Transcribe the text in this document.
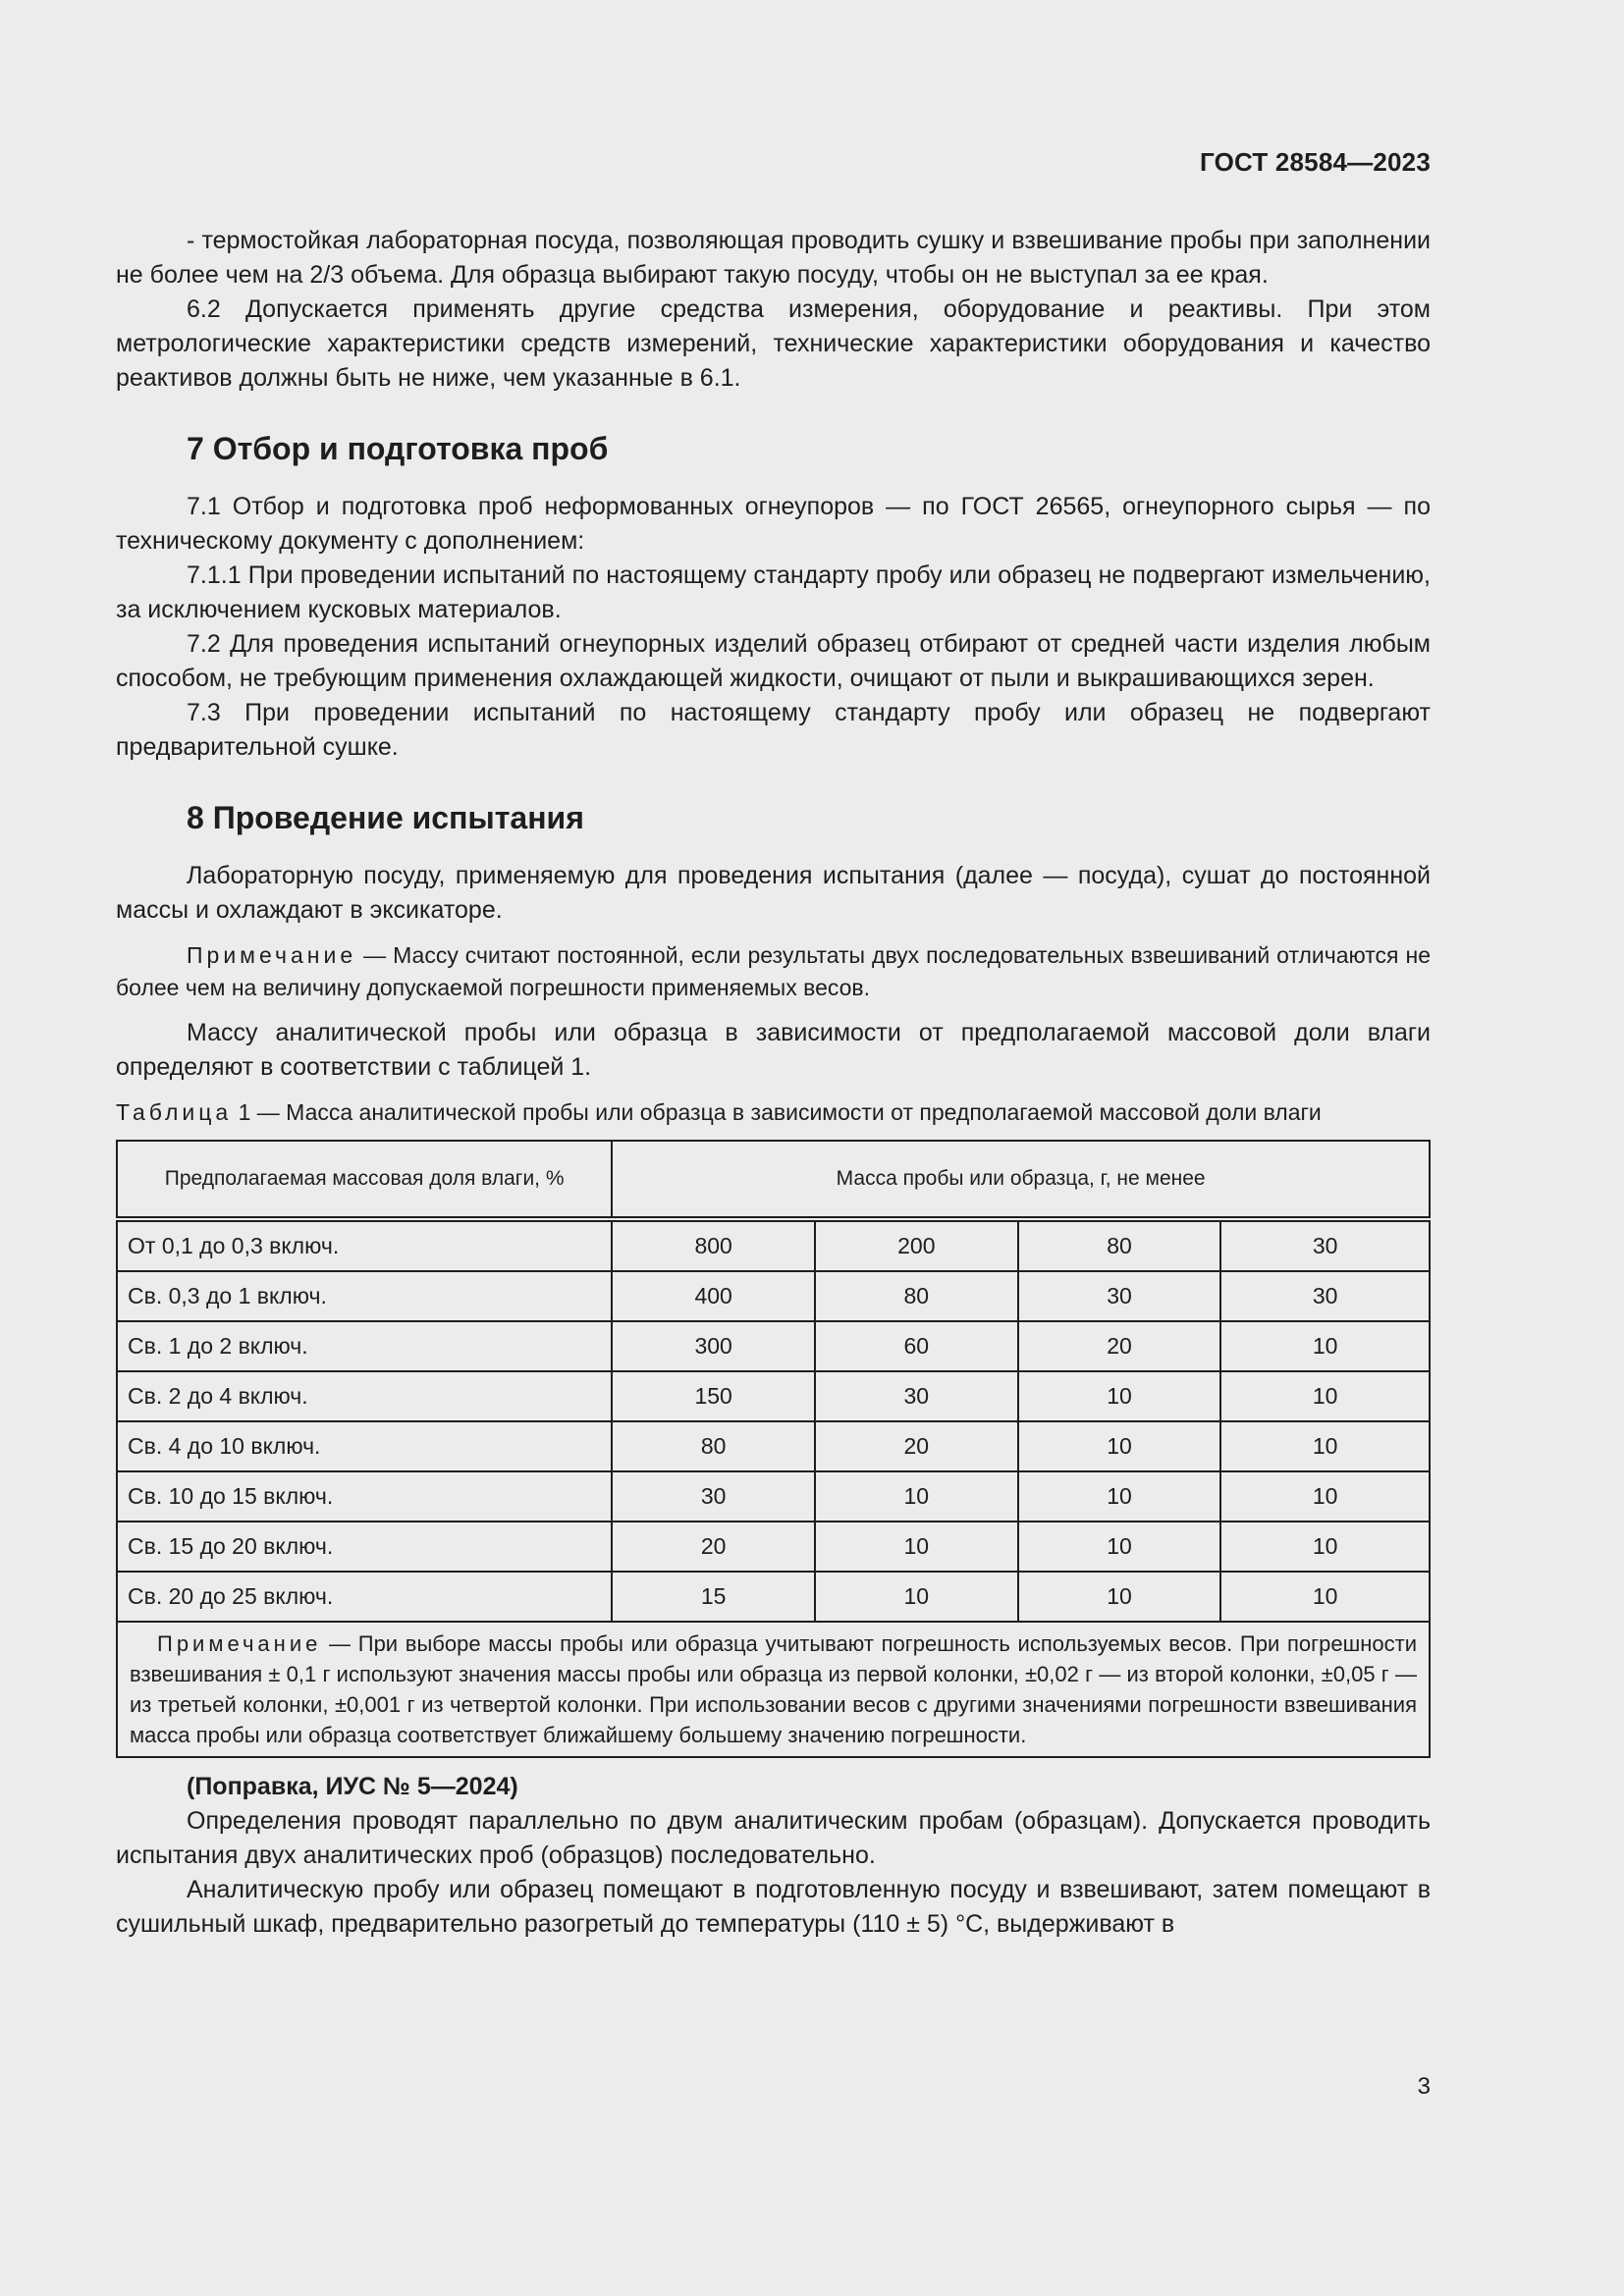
ГОСТ 28584—2023

- термостойкая лабораторная посуда, позволяющая проводить сушку и взвешивание пробы при заполнении не более чем на 2/3 объема. Для образца выбирают такую посуду, чтобы он не выступал за ее края.

6.2 Допускается применять другие средства измерения, оборудование и реактивы. При этом метрологические характеристики средств измерений, технические характеристики оборудования и качество реактивов должны быть не ниже, чем указанные в 6.1.

7 Отбор и подготовка проб

7.1 Отбор и подготовка проб неформованных огнеупоров — по ГОСТ 26565, огнеупорного сырья — по техническому документу с дополнением:

7.1.1 При проведении испытаний по настоящему стандарту пробу или образец не подвергают измельчению, за исключением кусковых материалов.

7.2 Для проведения испытаний огнеупорных изделий образец отбирают от средней части изделия любым способом, не требующим применения охлаждающей жидкости, очищают от пыли и выкрашивающихся зерен.

7.3 При проведении испытаний по настоящему стандарту пробу или образец не подвергают предварительной сушке.

8 Проведение испытания

Лабораторную посуду, применяемую для проведения испытания (далее — посуда), сушат до постоянной массы и охлаждают в эксикаторе.

Примечание — Массу считают постоянной, если результаты двух последовательных взвешиваний отличаются не более чем на величину допускаемой погрешности применяемых весов.

Массу аналитической пробы или образца в зависимости от предполагаемой массовой доли влаги определяют в соответствии с таблицей 1.

Таблица 1 — Масса аналитической пробы или образца в зависимости от предполагаемой массовой доли влаги

Предполагаемая массовая доля влаги, %	Масса пробы или образца, г, не менее			
От 0,1 до 0,3 включ.	800	200	80	30
Св. 0,3 до 1 включ.	400	80	30	30
Св. 1 до 2 включ.	300	60	20	10
Св. 2 до 4 включ.	150	30	10	10
Св. 4 до 10 включ.	80	20	10	10
Св. 10 до 15 включ.	30	10	10	10
Св. 15 до 20 включ.	20	10	10	10
Св. 20 до 25 включ.	15	10	10	10
Примечание — При выборе массы пробы или образца учитывают погрешность используемых весов. При погрешности взвешивания ± 0,1 г используют значения массы пробы или образца из первой колонки, ±0,02 г — из второй колонки, ±0,05 г — из третьей колонки, ±0,001 г из четвертой колонки. При использовании весов с другими значениями погрешности взвешивания масса пробы или образца соответствует ближайшему большему значению погрешности.				

(Поправка, ИУС № 5—2024)

Определения проводят параллельно по двум аналитическим пробам (образцам). Допускается проводить испытания двух аналитических проб (образцов) последовательно.

Аналитическую пробу или образец помещают в подготовленную посуду и взвешивают, затем помещают в сушильный шкаф, предварительно разогретый до температуры (110 ± 5) °С, выдерживают в

3
